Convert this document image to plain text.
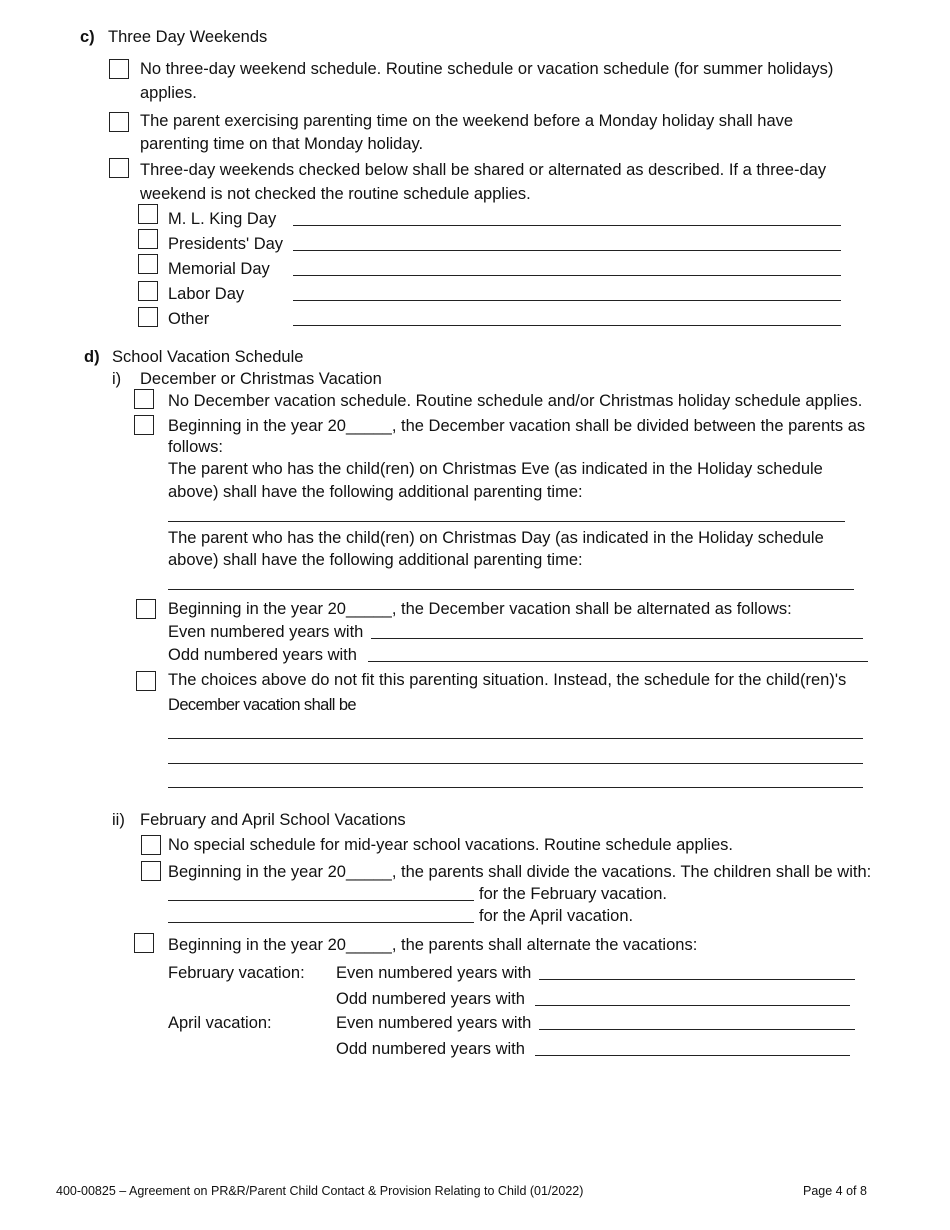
c) Three Day Weekends
No three-day weekend schedule. Routine schedule or vacation schedule (for summer holidays)
applies.
The parent exercising parenting time on the weekend before a Monday holiday shall have
parenting time on that Monday holiday.
Three-day weekends checked below shall be shared or alternated as described. If a three-day
weekend is not checked the routine schedule applies.
M. L. King Day
Presidents' Day
Memorial Day
Labor Day
Other
d) School Vacation Schedule
i) December or Christmas Vacation
No December vacation schedule. Routine schedule and/or Christmas holiday schedule applies.
Beginning in the year 20_____, the December vacation shall be divided between the parents as
follows:
The parent who has the child(ren) on Christmas Eve (as indicated in the Holiday schedule
above) shall have the following additional parenting time:
The parent who has the child(ren) on Christmas Day (as indicated in the Holiday schedule
above) shall have the following additional parenting time:
Beginning in the year 20_____, the December vacation shall be alternated as follows:
Even numbered years with
Odd numbered years with
The choices above do not fit this parenting situation. Instead, the schedule for the child(ren)'s
December vacation shall be
ii) February and April School Vacations
No special schedule for mid-year school vacations. Routine schedule applies.
Beginning in the year 20_____, the parents shall divide the vacations. The children shall be with:
for the February vacation.
for the April vacation.
Beginning in the year 20_____, the parents shall alternate the vacations:
February vacation: Even numbered years with
Odd numbered years with
April vacation:	Even numbered years with
Odd numbered years with
400-00825 – Agreement on PR&R/Parent Child Contact & Provision Relating to Child (01/2022)	Page 4 of 8
